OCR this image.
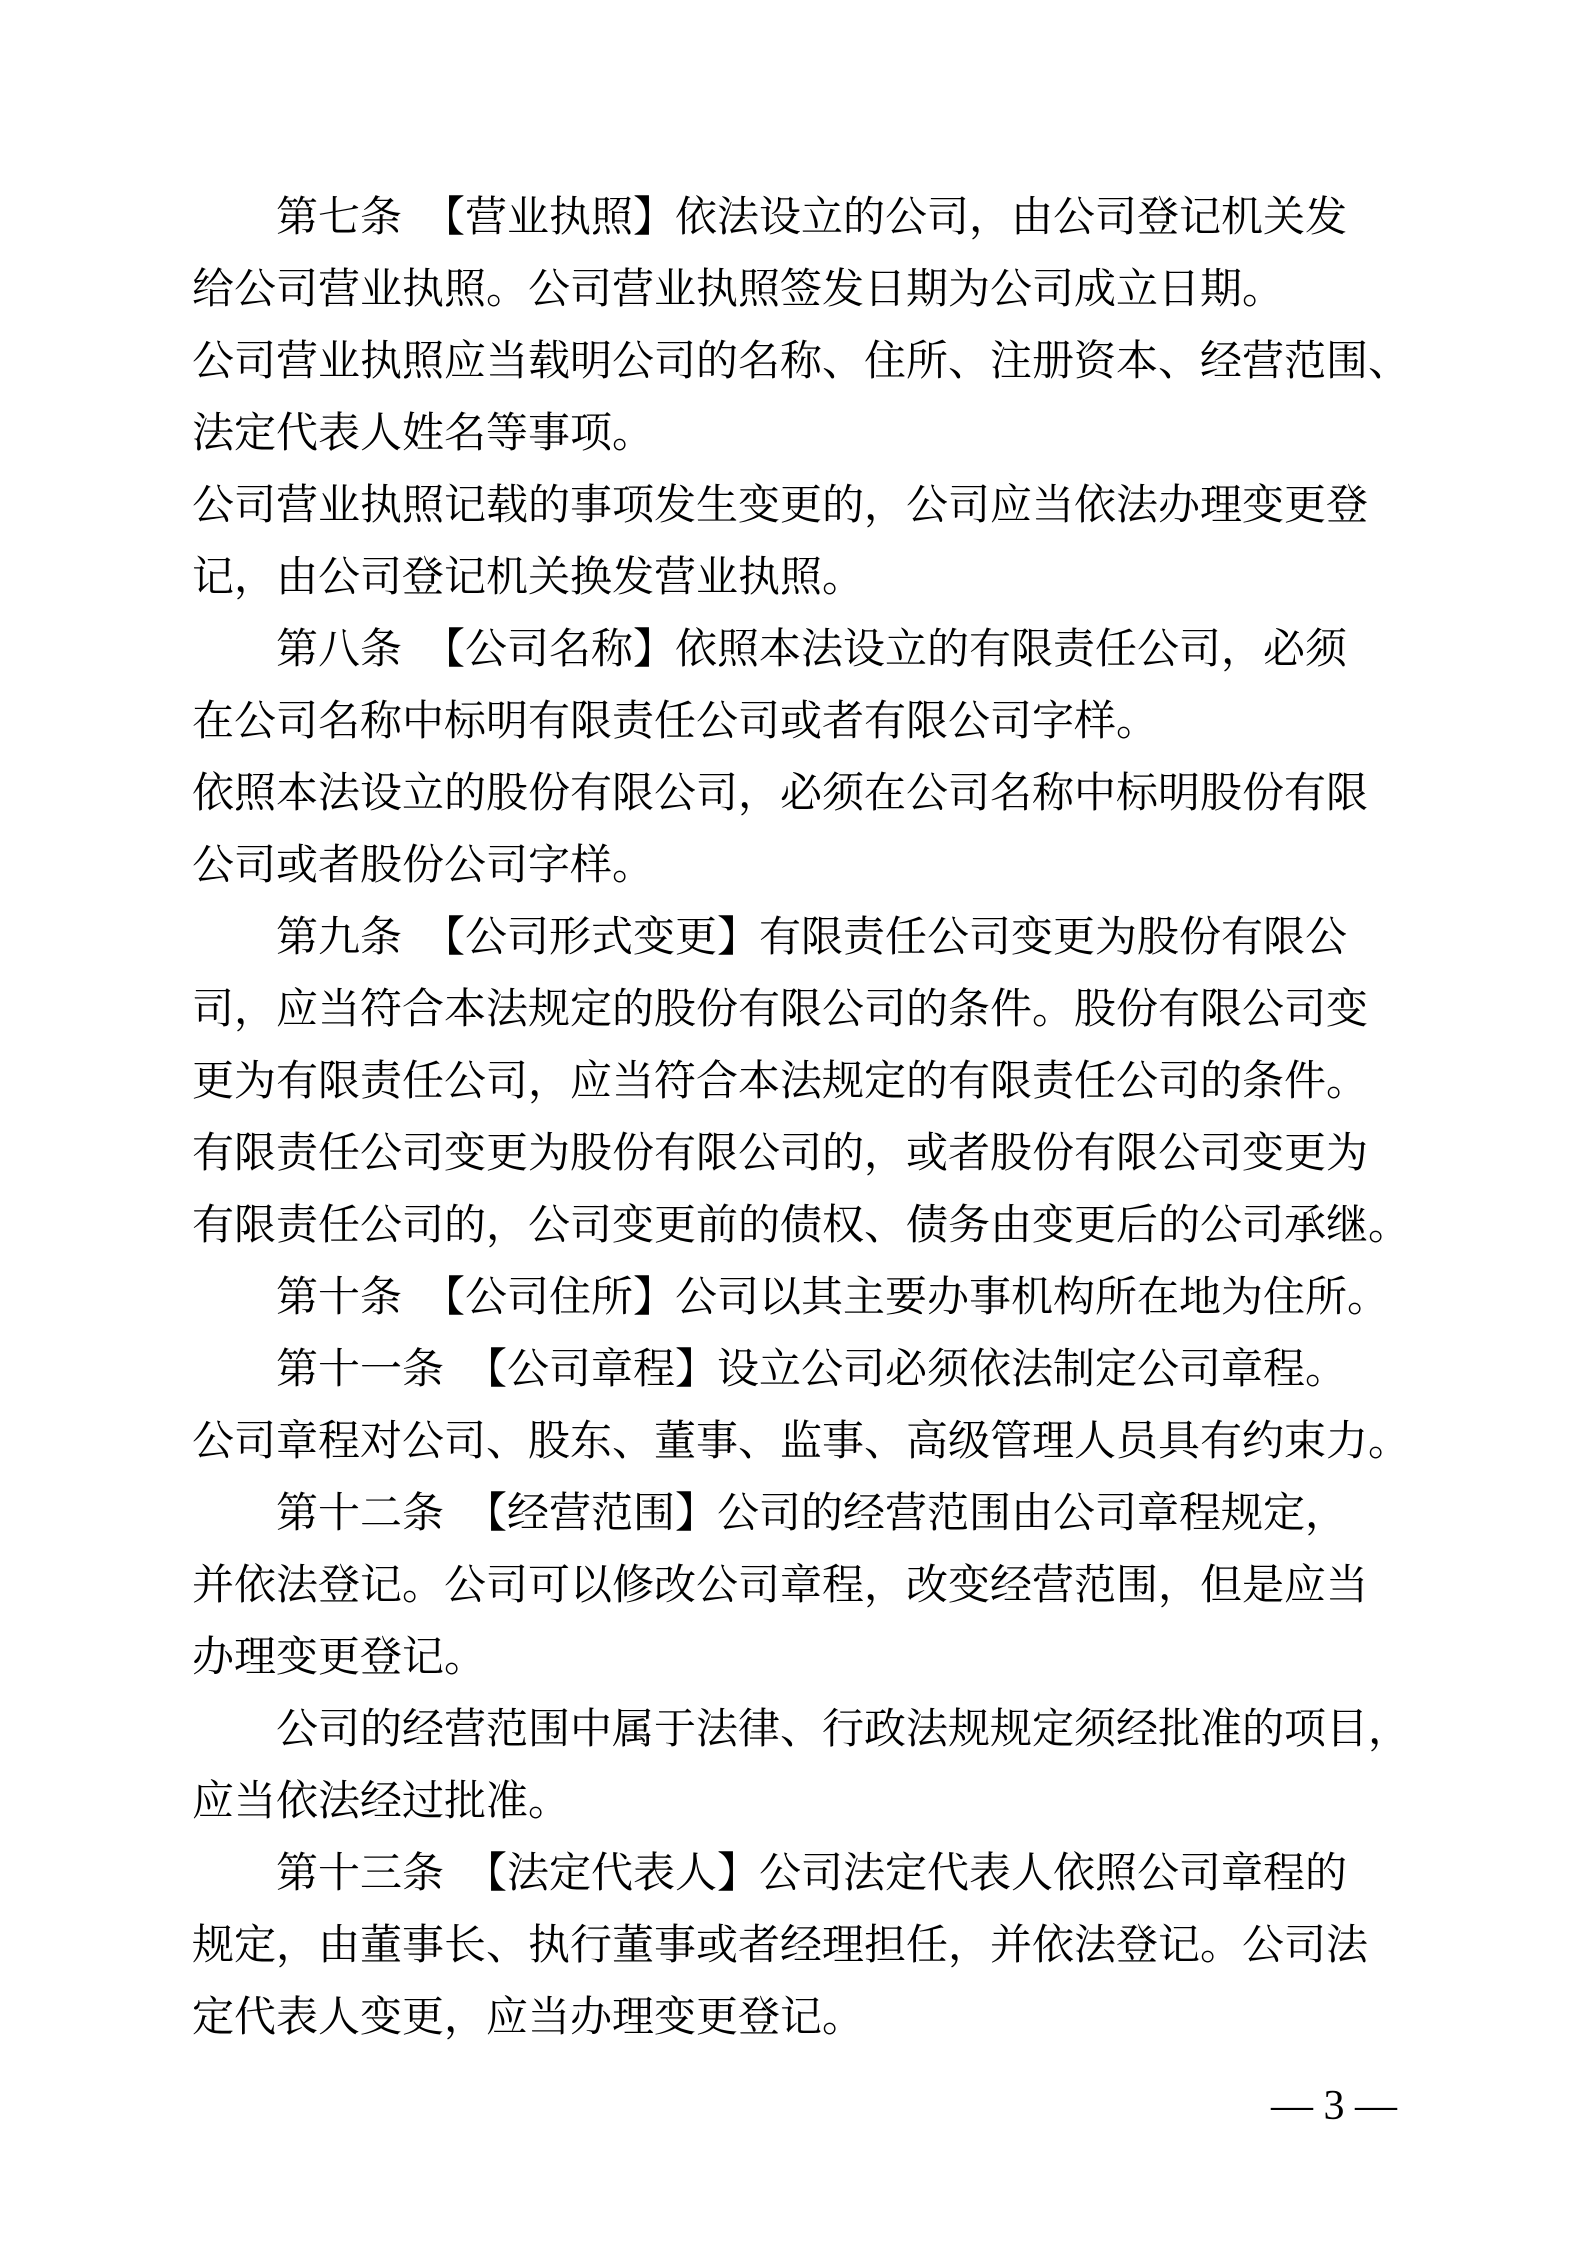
第七条　【营业执照】依法设立的公司，由公司登记机关发
给公司营业执照。公司营业执照签发日期为公司成立日期。
公司营业执照应当载明公司的名称、住所、注册资本、经营范围、
法定代表人姓名等事项。
公司营业执照记载的事项发生变更的，公司应当依法办理变更登
记，由公司登记机关换发营业执照。
第八条　【公司名称】依照本法设立的有限责任公司，必须
在公司名称中标明有限责任公司或者有限公司字样。
依照本法设立的股份有限公司，必须在公司名称中标明股份有限
公司或者股份公司字样。
第九条　【公司形式变更】有限责任公司变更为股份有限公
司，应当符合本法规定的股份有限公司的条件。股份有限公司变
更为有限责任公司，应当符合本法规定的有限责任公司的条件。
有限责任公司变更为股份有限公司的，或者股份有限公司变更为
有限责任公司的，公司变更前的债权、债务由变更后的公司承继。
第十条　【公司住所】公司以其主要办事机构所在地为住所。
第十一条　【公司章程】设立公司必须依法制定公司章程。
公司章程对公司、股东、董事、监事、高级管理人员具有约束力。
第十二条　【经营范围】公司的经营范围由公司章程规定，
并依法登记。公司可以修改公司章程，改变经营范围，但是应当
办理变更登记。
公司的经营范围中属于法律、行政法规规定须经批准的项目，
应当依法经过批准。
第十三条　【法定代表人】公司法定代表人依照公司章程的
规定，由董事长、执行董事或者经理担任，并依法登记。公司法
定代表人变更，应当办理变更登记。
— 3 —
